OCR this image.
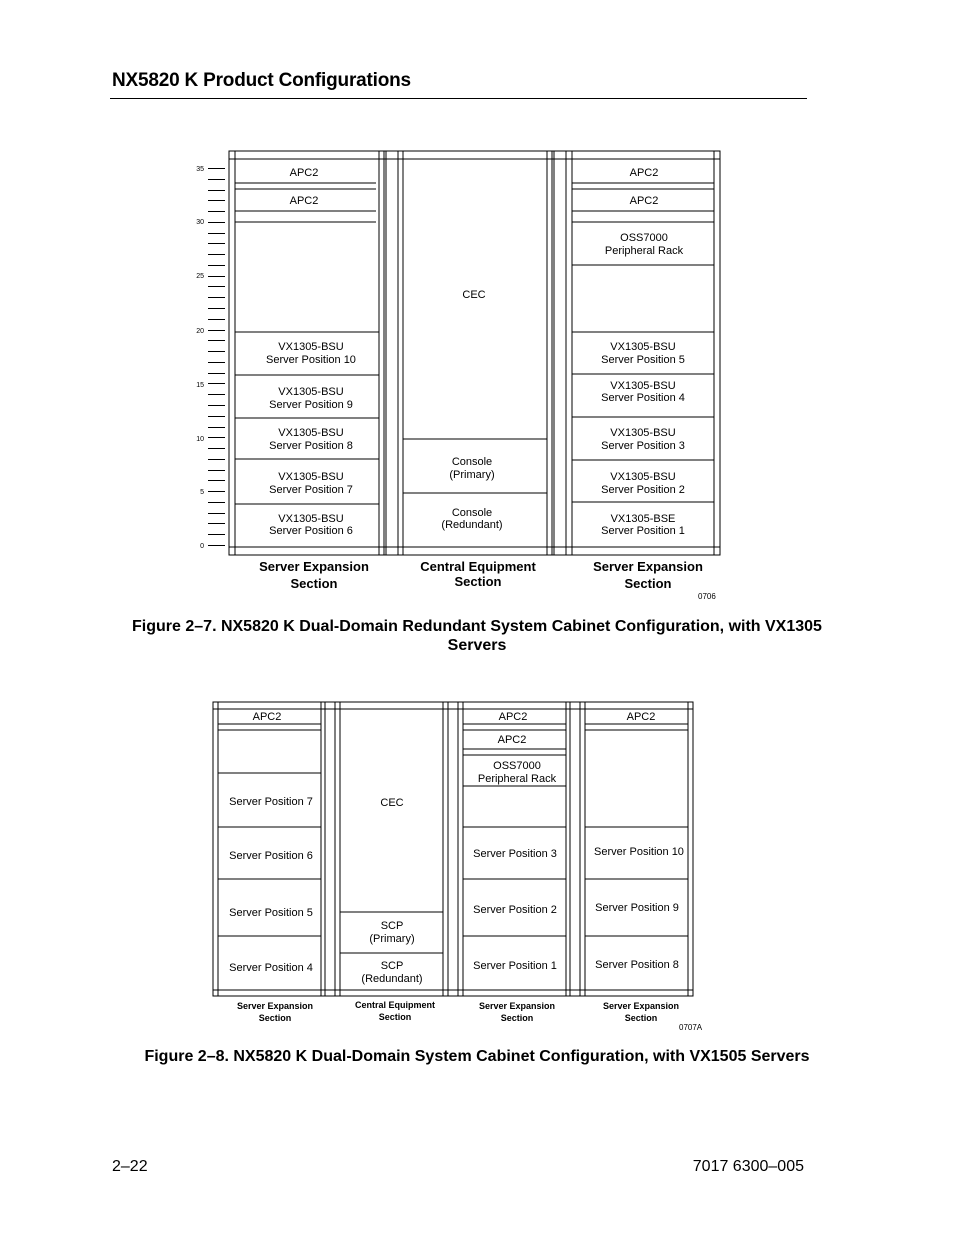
NX5820 K Product Configurations
35
30
25
20
15
10
5
0
APC2
APC2
VX1305-BSU
Server Position 10
VX1305-BSU
Server Position 9
VX1305-BSU
Server Position 8
VX1305-BSU
Server Position 7
VX1305-BSU
Server Position 6
CEC
Console
(Primary)
Console
(Redundant)
APC2
APC2
OSS7000
Peripheral Rack
VX1305-BSU
Server Position 5
VX1305-BSU
Server Position 4
VX1305-BSU
Server Position 3
VX1305-BSU
Server Position 2
VX1305-BSE
Server Position 1
Server Expansion
Section
Central Equipment
Section
Server Expansion
Section
0706
Figure 2–7. NX5820 K Dual-Domain Redundant System Cabinet Configuration, with VX1305
Servers
APC2
Server Position 7
Server Position 6
Server Position 5
Server Position 4
CEC
SCP
(Primary)
SCP
(Redundant)
APC2
APC2
OSS7000
Peripheral Rack
Server Position 3
Server Position 2
Server Position 1
APC2
Server Position 10
Server Position 9
Server Position 8
Server Expansion
Section
Central Equipment
Section
Server Expansion
Section
Server Expansion
Section
0707A
Figure 2–8. NX5820 K Dual-Domain System Cabinet Configuration, with VX1505 Servers
2–22	7017 6300–005
